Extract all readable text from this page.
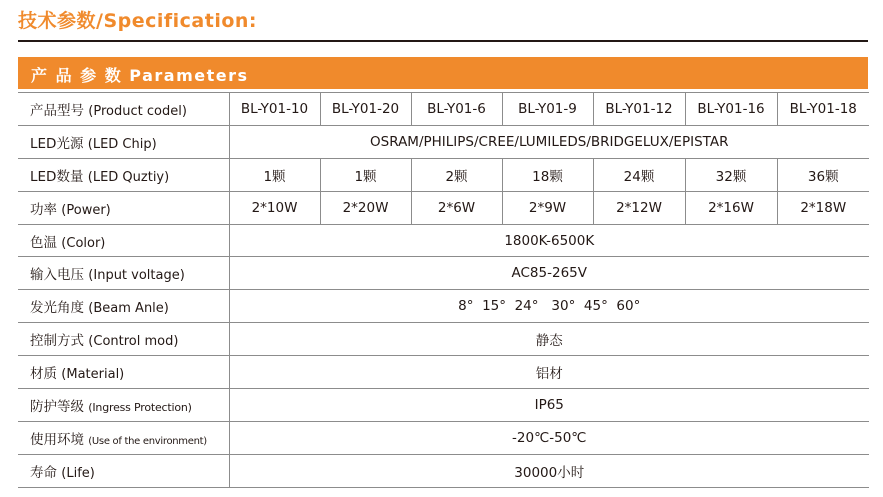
技术参数/Specification:
产 品 参 数 Parameters
产品型号 (Product codel)	BL-Y01-10	BL-Y01-20	BL-Y01-6	BL-Y01-9	BL-Y01-12	BL-Y01-16	BL-Y01-18
LED光源 (LED Chip)	OSRAM/PHILIPS/CREE/LUMILEDS/BRIDGELUX/EPISTAR						
LED数量 (LED Quztiy)	1颗	1颗	2颗	18颗	24颗	32颗	36颗
功率 (Power)	2*10W	2*20W	2*6W	2*9W	2*12W	2*16W	2*18W
色温 (Color)	1800K-6500K						
输入电压 (Input voltage)	AC85-265V						
发光角度 (Beam Anle)	8°  15°  24°   30°  45°  60°						
控制方式 (Control mod)	静态						
材质 (Material)	铝材						
防护等级 (Ingress Protection)	IP65						
使用环境 (Use of the environment)	-20℃-50℃						
寿命 (Life)	30000小时						
